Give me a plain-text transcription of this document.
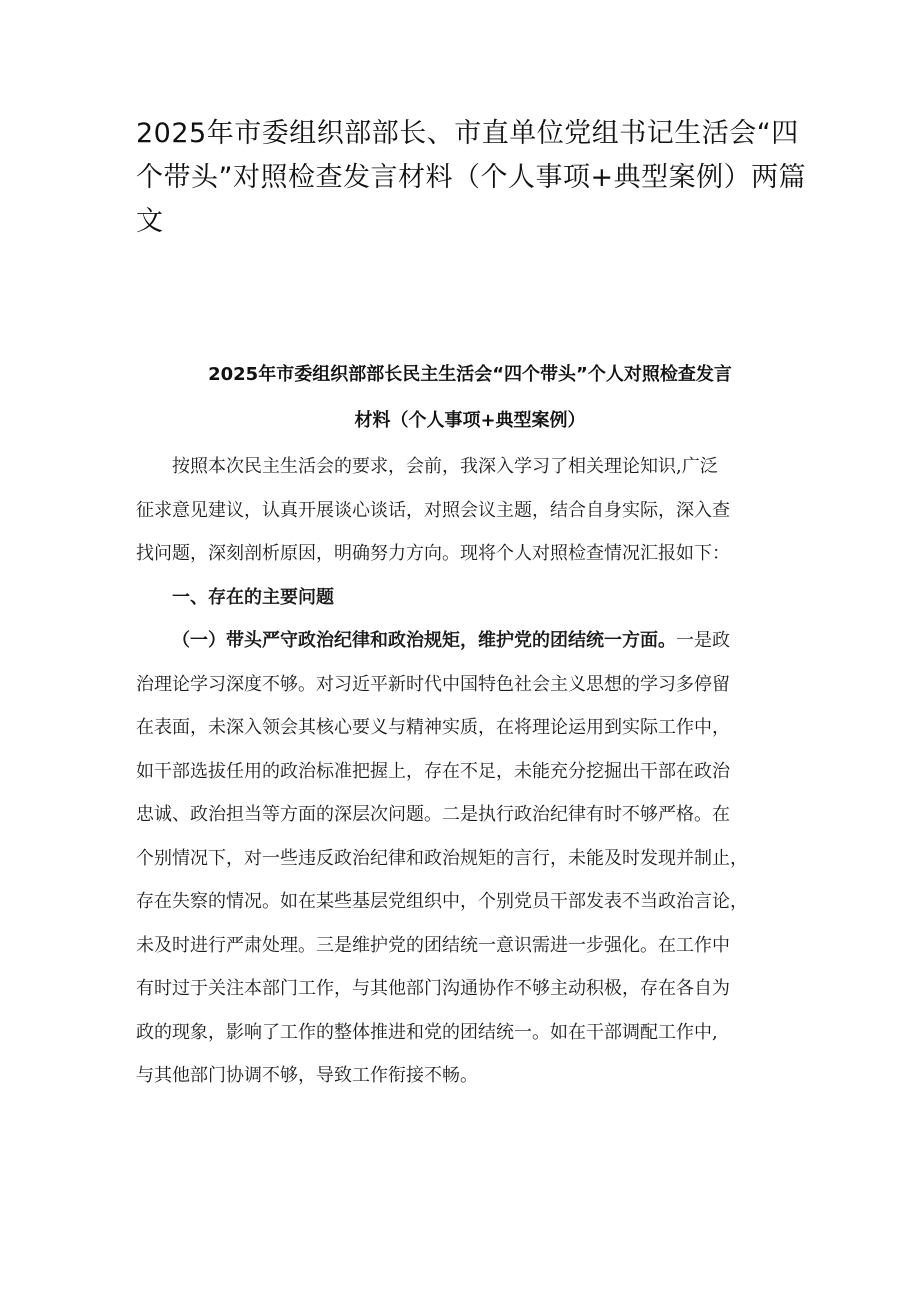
2025年市委组织部部长、市直单位党组书记生活会“四
个带头”对照检查发言材料（个人事项+典型案例）两篇
文
2025年市委组织部部长民主生活会“四个带头”个人对照检查发言
材料（个人事项+典型案例）
按照本次民主生活会的要求，会前，我深入学习了相关理论知识,广泛
征求意见建议，认真开展谈心谈话，对照会议主题，结合自身实际，深入查
找问题，深刻剖析原因，明确努力方向。现将个人对照检查情况汇报如下：
一、存在的主要问题
（一）带头严守政治纪律和政治规矩，维护党的团结统一方面。一是政
治理论学习深度不够。对习近平新时代中国特色社会主义思想的学习多停留
在表面，未深入领会其核心要义与精神实质，在将理论运用到实际工作中，
如干部选拔任用的政治标准把握上，存在不足，未能充分挖掘出干部在政治
忠诚、政治担当等方面的深层次问题。二是执行政治纪律有时不够严格。在
个别情况下，对一些违反政治纪律和政治规矩的言行，未能及时发现并制止，
存在失察的情况。如在某些基层党组织中，个别党员干部发表不当政治言论，
未及时进行严肃处理。三是维护党的团结统一意识需进一步强化。在工作中
有时过于关注本部门工作，与其他部门沟通协作不够主动积极，存在各自为
政的现象，影响了工作的整体推进和党的团结统一。如在干部调配工作中,
与其他部门协调不够，导致工作衔接不畅。
